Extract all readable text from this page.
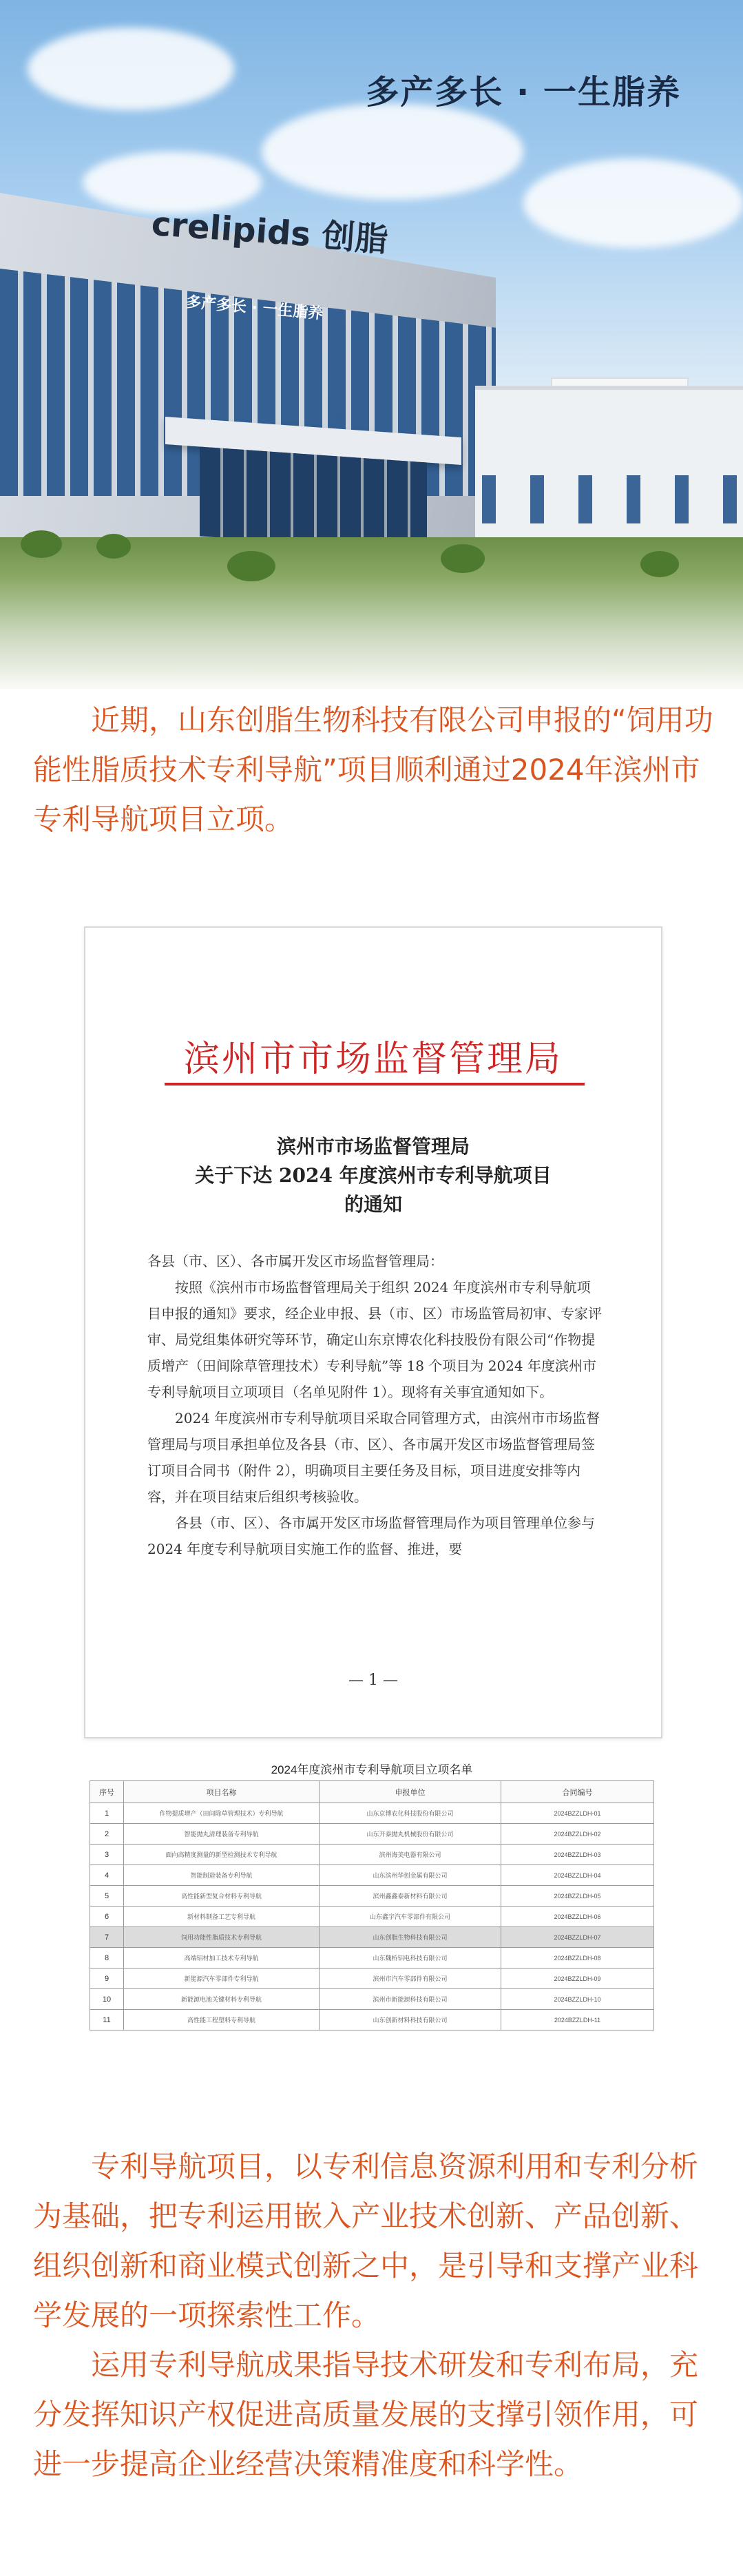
多产多长 · 一生脂养
crelipids 创脂
多产多长 · 一生脂养
近期，山东创脂生物科技有限公司申报的“饲用功能性脂质技术专利导航”项目顺利通过2024年滨州市专利导航项目立项。
滨州市市场监督管理局
滨州市市场监督管理局
关于下达 2024 年度滨州市专利导航项目
的通知

各县（市、区）、各市属开发区市场监督管理局：

按照《滨州市市场监督管理局关于组织 2024 年度滨州市专利导航项目申报的通知》要求，经企业申报、县（市、区）市场监管局初审、专家评审、局党组集体研究等环节，确定山东京博农化科技股份有限公司“作物提质增产（田间除草管理技术）专利导航”等 18 个项目为 2024 年度滨州市专利导航项目立项项目（名单见附件 1）。现将有关事宜通知如下。

2024 年度滨州市专利导航项目采取合同管理方式，由滨州市市场监督管理局与项目承担单位及各县（市、区）、各市属开发区市场监督管理局签订项目合同书（附件 2），明确项目主要任务及目标，项目进度安排等内容，并在项目结束后组织考核验收。

各县（市、区）、各市属开发区市场监督管理局作为项目管理单位参与 2024 年度专利导航项目实施工作的监督、推进，要

— 1 —
2024年度滨州市专利导航项目立项名单
序号	项目名称	申报单位	合同编号
1	作物提质增产（田间除草管理技术）专利导航	山东京博农化科技股份有限公司	2024BZZLDH-01
2	智能抛丸清理装备专利导航	山东开泰抛丸机械股份有限公司	2024BZZLDH-02
3	面向高精度测量的新型检测技术专利导航	滨州海美电器有限公司	2024BZZLDH-03
4	智能制造装备专利导航	山东滨州华创金属有限公司	2024BZZLDH-04
5	高性能新型复合材料专利导航	滨州鑫鑫泰新材料有限公司	2024BZZLDH-05
6	新材料制备工艺专利导航	山东鑫宇汽车零部件有限公司	2024BZZLDH-06
7	饲用功能性脂质技术专利导航	山东创脂生物科技有限公司	2024BZZLDH-07
8	高端铝材加工技术专利导航	山东魏桥铝电科技有限公司	2024BZZLDH-08
9	新能源汽车零部件专利导航	滨州市汽车零部件有限公司	2024BZZLDH-09
10	新能源电池关键材料专利导航	滨州市新能源科技有限公司	2024BZZLDH-10
11	高性能工程塑料专利导航	山东创新材料科技有限公司	2024BZZLDH-11
专利导航项目，以专利信息资源利用和专利分析为基础，把专利运用嵌入产业技术创新、产品创新、组织创新和商业模式创新之中，是引导和支撑产业科学发展的一项探索性工作。
运用专利导航成果指导技术研发和专利布局，充分发挥知识产权促进高质量发展的支撑引领作用，可进一步提高企业经营决策精准度和科学性。
